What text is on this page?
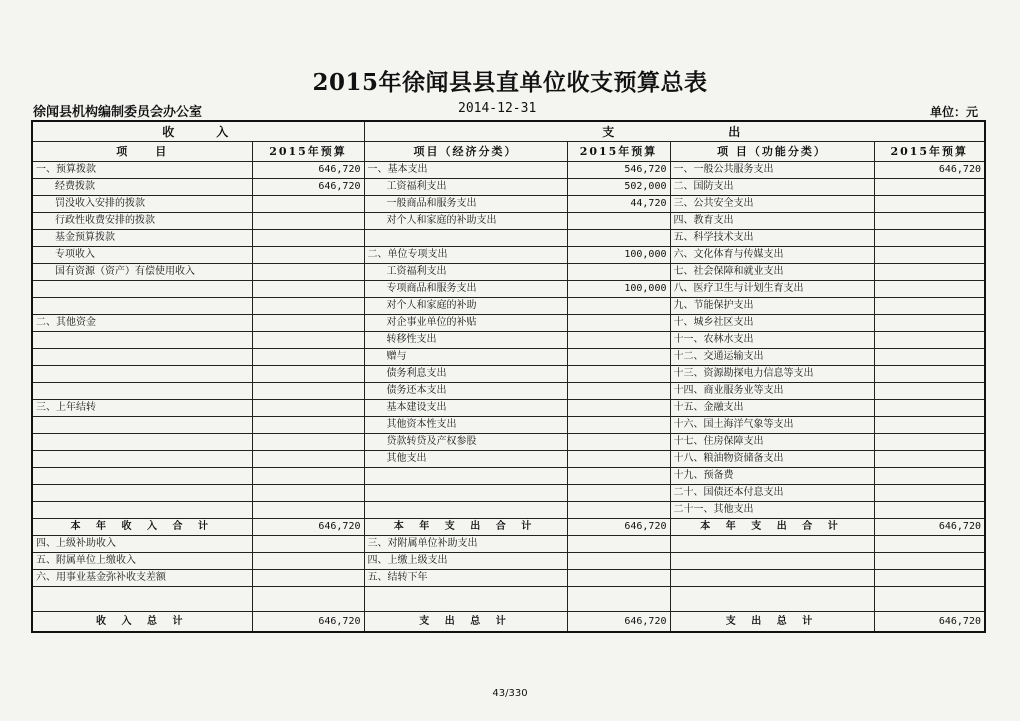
2015年徐闻县县直单位收支预算总表
徐闻县机构编制委员会办公室	2014-12-31	单位：元
收　　入		支　　　　　　出			
项　　目	2015年预算	项目（经济分类）	2015年预算	项 目（功能分类）	2015年预算
一、预算拨款	646,720	一、基本支出	546,720	一、一般公共服务支出	646,720
经费拨款	646,720	工资福利支出	502,000	二、国防支出	
罚没收入安排的拨款		一般商品和服务支出	44,720	三、公共安全支出	
行政性收费安排的拨款		对个人和家庭的补助支出		四、教育支出	
基金预算拨款				五、科学技术支出	
专项收入		二、单位专项支出	100,000	六、文化体育与传媒支出	
国有资源（资产）有偿使用收入		工资福利支出		七、社会保障和就业支出	
		专项商品和服务支出	100,000	八、医疗卫生与计划生育支出	
		对个人和家庭的补助		九、节能保护支出	
二、其他资金		对企事业单位的补贴		十、城乡社区支出	
		转移性支出		十一、农林水支出	
		赠与		十二、交通运输支出	
		债务利息支出		十三、资源勘探电力信息等支出	
		债务还本支出		十四、商业服务业等支出	
三、上年结转		基本建设支出		十五、金融支出	
		其他资本性支出		十六、国土海洋气象等支出	
		贷款转贷及产权参股		十七、住房保障支出	
		其他支出		十八、粮油物资储备支出	
				十九、预备费	
				二十、国债还本付息支出	
				二十一、其他支出	
本 年 收 入 合 计	646,720	本 年 支 出 合 计	646,720	本 年 支 出 合 计	646,720
四、上级补助收入		三、对附属单位补助支出			
五、附属单位上缴收入		四、上缴上级支出			
六、用事业基金弥补收支差额		五、结转下年			

收 入 总 计	646,720	支 出 总 计	646,720	支 出 总 计	646,720
43/330
